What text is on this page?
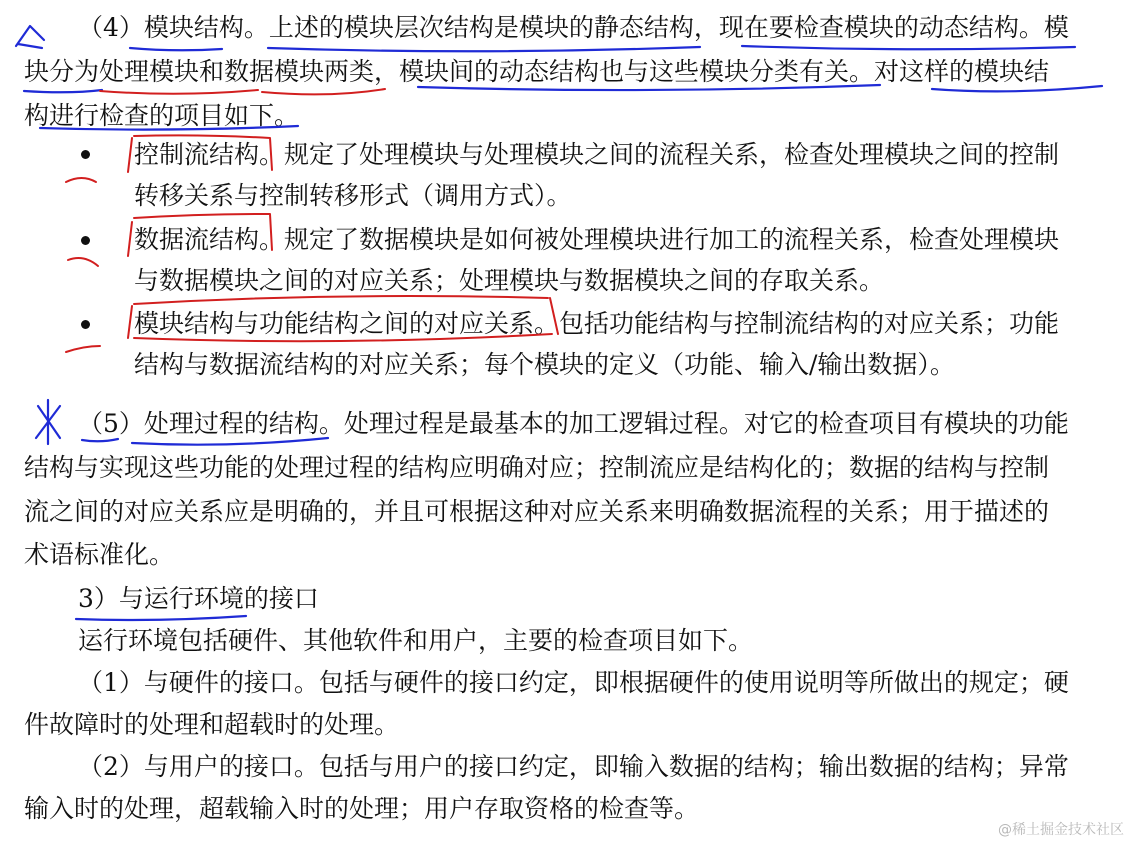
（4）模块结构。上述的模块层次结构是模块的静态结构，现在要检查模块的动态结构。模
块分为处理模块和数据模块两类，模块间的动态结构也与这些模块分类有关。对这样的模块结
构进行检查的项目如下。
控制流结构。规定了处理模块与处理模块之间的流程关系，检查处理模块之间的控制
转移关系与控制转移形式（调用方式）。
数据流结构。规定了数据模块是如何被处理模块进行加工的流程关系，检查处理模块
与数据模块之间的对应关系；处理模块与数据模块之间的存取关系。
模块结构与功能结构之间的对应关系。包括功能结构与控制流结构的对应关系；功能
结构与数据流结构的对应关系；每个模块的定义（功能、输入/输出数据）。
（5）处理过程的结构。处理过程是最基本的加工逻辑过程。对它的检查项目有模块的功能
结构与实现这些功能的处理过程的结构应明确对应；控制流应是结构化的；数据的结构与控制
流之间的对应关系应是明确的，并且可根据这种对应关系来明确数据流程的关系；用于描述的
术语标准化。
3）与运行环境的接口
运行环境包括硬件、其他软件和用户，主要的检查项目如下。
（1）与硬件的接口。包括与硬件的接口约定，即根据硬件的使用说明等所做出的规定；硬
件故障时的处理和超载时的处理。
（2）与用户的接口。包括与用户的接口约定，即输入数据的结构；输出数据的结构；异常
输入时的处理，超载输入时的处理；用户存取资格的检查等。
@稀土掘金技术社区
